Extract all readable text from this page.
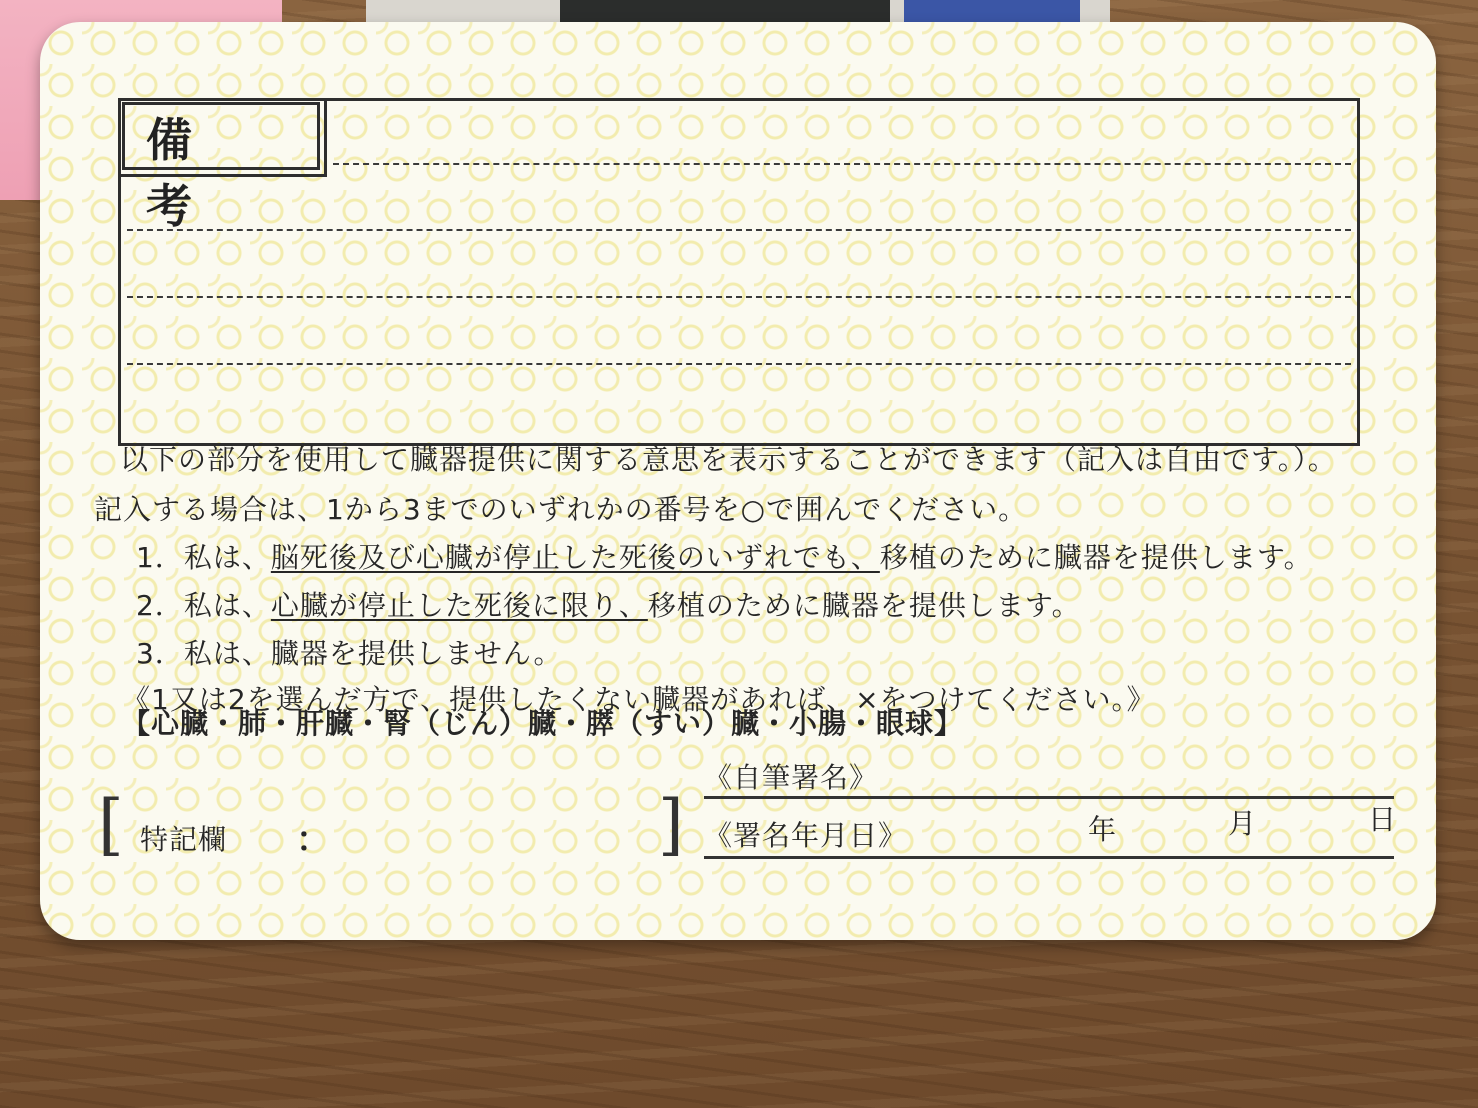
備 考
以下の部分を使用して臓器提供に関する意思を表示することができます（記入は自由です。）。
記入する場合は、1から3までのいずれかの番号を○で囲んでください。
1．私は、脳死後及び心臓が停止した死後のいずれでも、移植のために臓器を提供します。
2．私は、心臓が停止した死後に限り、移植のために臓器を提供します。
3．私は、臓器を提供しません。
《1又は2を選んだ方で、提供したくない臓器があれば、×をつけてください。》
【心臓・肺・肝臓・腎（じん）臓・膵（すい）臓・小腸・眼球】
[ 特記欄 ：	]
《自筆署名》
《署名年月日》	年	月	日
